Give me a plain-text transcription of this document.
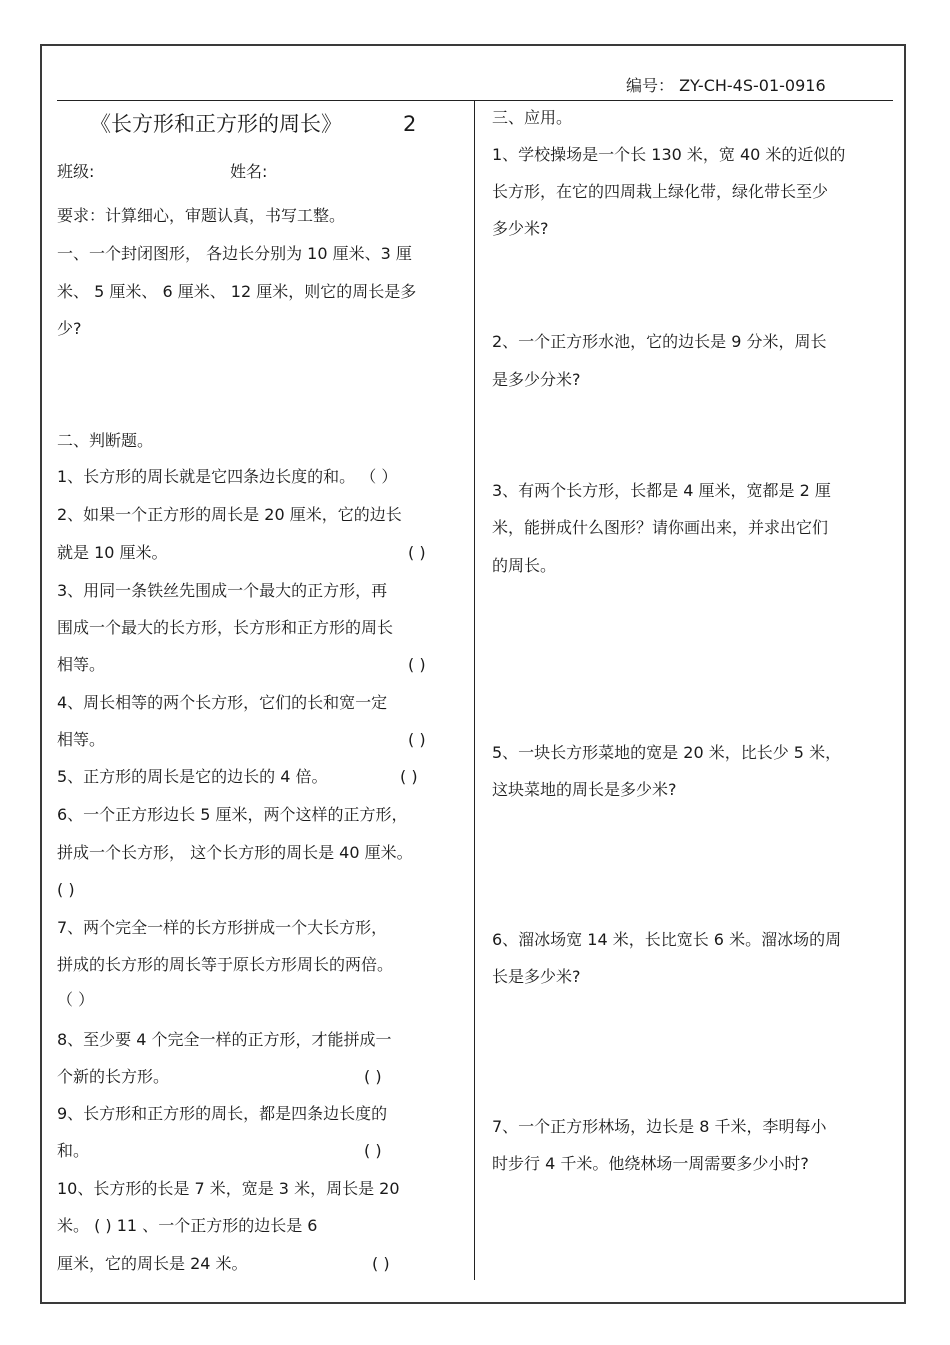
编号： ZY-CH-4S-01-0916
《长方形和正方形的周长》	2
班级:	姓名:
要求：计算细心，审题认真，书写工整。
一、一个封闭图形， 各边长分别为 10 厘米、3 厘
米、 5 厘米、 6 厘米、 12 厘米，则它的周长是多
少?
二、判断题。
1、长方形的周长就是它四条边长度的和。 （ ）
2、如果一个正方形的周长是 20 厘米，它的边长
就是 10 厘米。	( )
3、用同一条铁丝先围成一个最大的正方形，再
围成一个最大的长方形，长方形和正方形的周长
相等。	( )
4、周长相等的两个长方形，它们的长和宽一定
相等。	( )
5、正方形的周长是它的边长的 4 倍。	( )
6、一个正方形边长 5 厘米，两个这样的正方形，
拼成一个长方形， 这个长方形的周长是 40 厘米。
( )
7、两个完全一样的长方形拼成一个大长方形，
拼成的长方形的周长等于原长方形周长的两倍。
（ ）
8、至少要 4 个完全一样的正方形，才能拼成一
个新的长方形。	( )
9、长方形和正方形的周长，都是四条边长度的
和。	( )
10、长方形的长是 7 米，宽是 3 米，周长是 20
米。 ( ) 11 、一个正方形的边长是 6
厘米，它的周长是 24 米。	( )
三、应用。
1、学校操场是一个长 130 米，宽 40 米的近似的
长方形，在它的四周栽上绿化带，绿化带长至少
多少米?
2、一个正方形水池，它的边长是 9 分米，周长
是多少分米?
3、有两个长方形，长都是 4 厘米，宽都是 2 厘
米，能拼成什么图形？请你画出来，并求出它们
的周长。
5、一块长方形菜地的宽是 20 米，比长少 5 米，
这块菜地的周长是多少米?
6、溜冰场宽 14 米，长比宽长 6 米。溜冰场的周
长是多少米?
7、一个正方形林场，边长是 8 千米，李明每小
时步行 4 千米。他绕林场一周需要多少小时?
